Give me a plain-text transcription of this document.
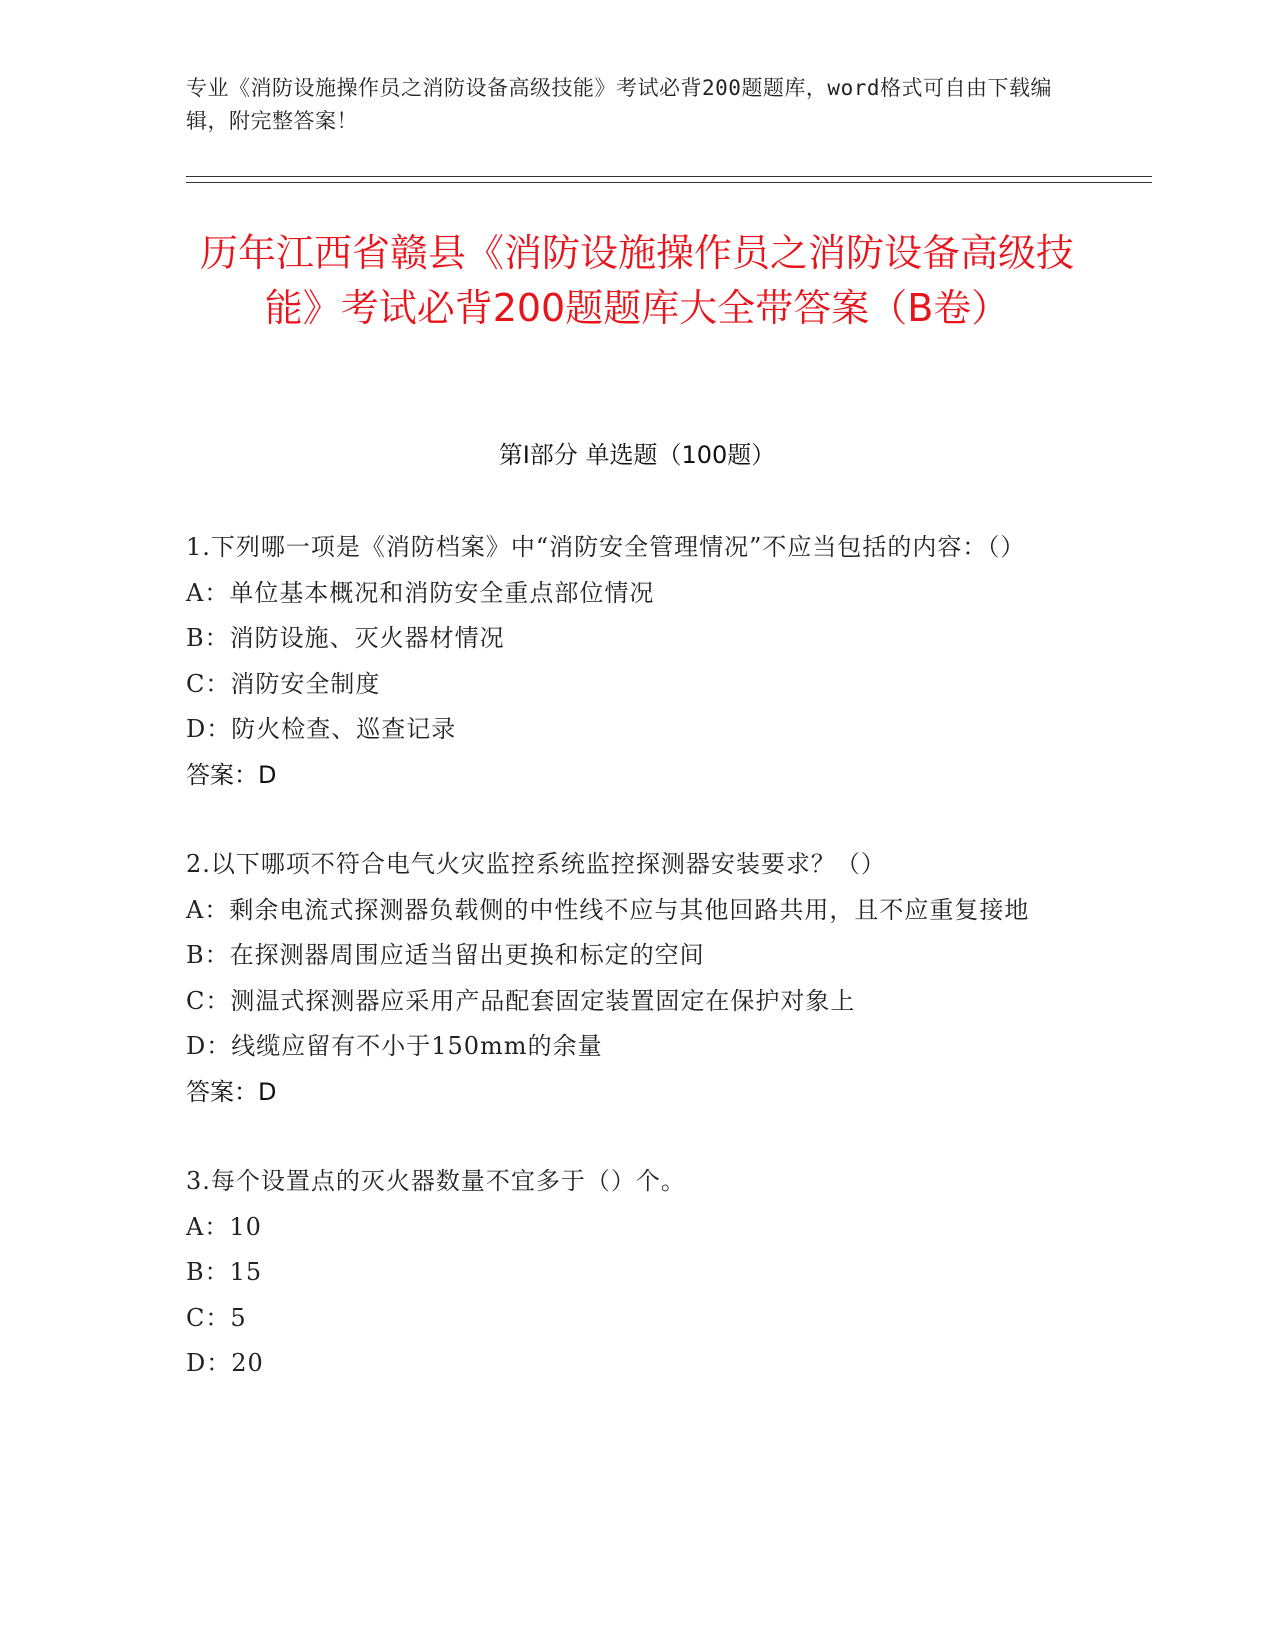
专业《消防设施操作员之消防设备高级技能》考试必背200题题库，word格式可自由下载编辑，附完整答案！
历年江西省赣县《消防设施操作员之消防设备高级技能》考试必背200题题库大全带答案（B卷）
第Ⅰ部分 单选题（100题）
1.下列哪一项是《消防档案》中“消防安全管理情况”不应当包括的内容：（）
A：单位基本概况和消防安全重点部位情况
B：消防设施、灭火器材情况
C：消防安全制度
D：防火检查、巡查记录
答案：D
2.以下哪项不符合电气火灾监控系统监控探测器安装要求？（）
A：剩余电流式探测器负载侧的中性线不应与其他回路共用，且不应重复接地
B：在探测器周围应适当留出更换和标定的空间
C：测温式探测器应采用产品配套固定装置固定在保护对象上
D：线缆应留有不小于150mm的余量
答案：D
3.每个设置点的灭火器数量不宜多于（）个。
A：10
B：15
C：5
D：20
